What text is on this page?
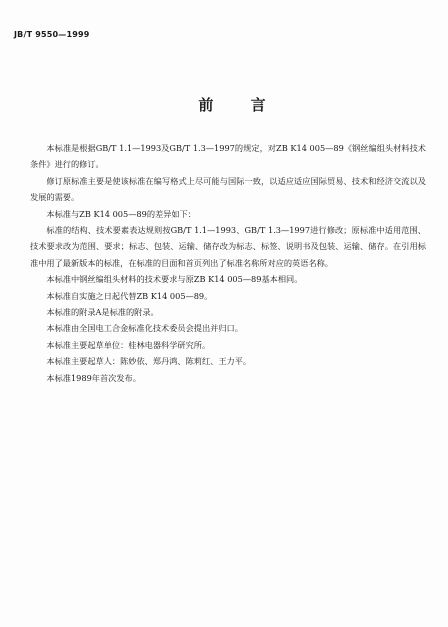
JB/T 9550—1999
前 言

本标准是根据GB/T 1.1—1993及GB/T 1.3—1997的规定，对ZB K14 005—89《钢丝编组头材料技术条件》进行的修订。

修订原标准主要是使该标准在编写格式上尽可能与国际一致，以适应适应国际贸易、技术和经济交流以及发展的需要。

本标准与ZB K14 005—89的差异如下：

标准的结构、技术要素表达规则按GB/T 1.1—1993、GB/T 1.3—1997进行修改；原标准中适用范围、技术要求改为范围、要求；标志、包装、运输、储存改为标志、标签、说明书及包装、运输、储存。在引用标准中用了最新版本的标准，在标准的目面和首页列出了标准名称所对应的英语名称。

本标准中钢丝编组头材料的技术要求与原ZB K14 005—89基本相同。

本标准自实施之日起代替ZB K14 005—89。

本标准的附录A是标准的附录。

本标准由全国电工合金标准化技术委员会提出并归口。

本标准主要起草单位：桂林电器科学研究所。

本标准主要起草人：陈妙依、郑丹鸿、陈莉红、王力平。

本标准1989年首次发布。
